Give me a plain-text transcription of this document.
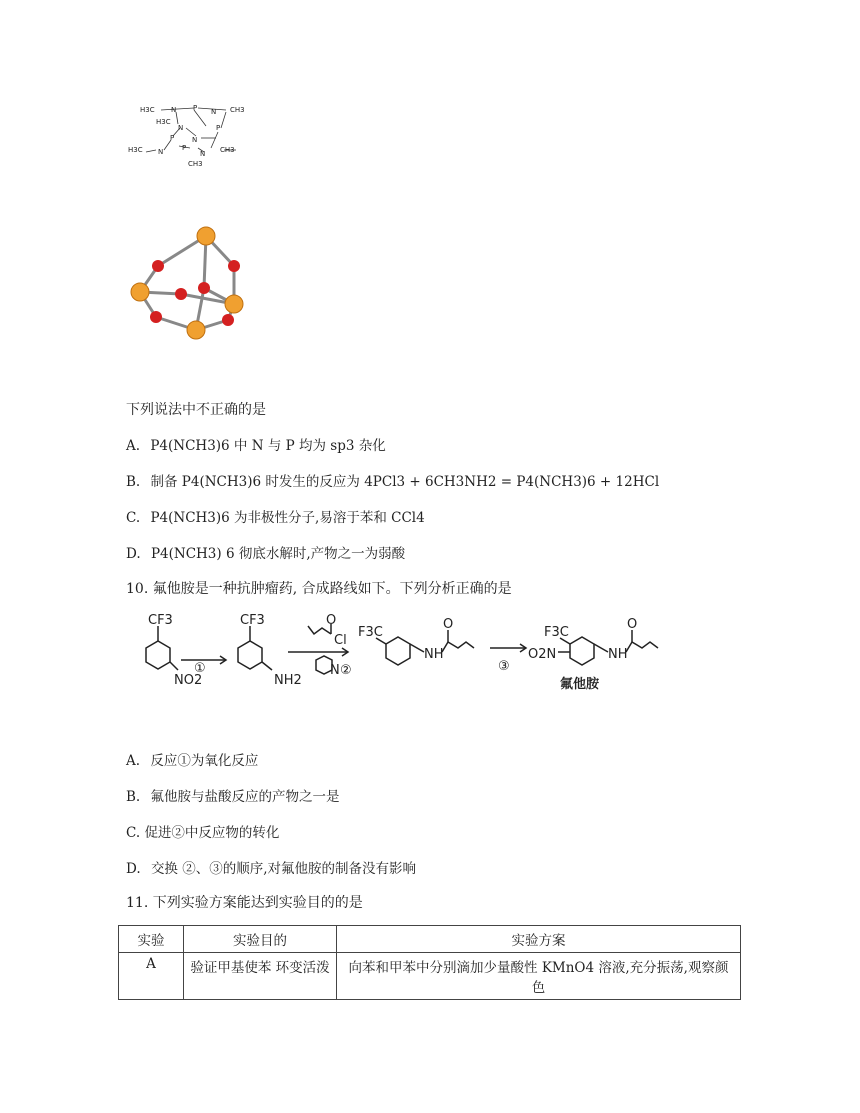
H3C N P N CH3
H3C
N	P
P	N
H3C N	P
N CH3
CH3
下列说法中不正确的是
A. P4(NCH3)6 中 N 与 P 均为 sp3 杂化
B. 制备 P4(NCH3)6 时发生的反应为 4PCl3 + 6CH3NH2 = P4(NCH3)6 + 12HCl
C. P4(NCH3)6 为非极性分子,易溶于苯和 CCl4
D. P4(NCH3) 6 彻底水解时,产物之一为弱酸
10. 氟他胺是一种抗肿瘤药, 合成路线如下。下列分析正确的是
CF3
NO2
①
CF3
NH2
Cl
O
②
N
F3C
O
NH
③
F3C
O2N
O
NH
氟他胺
A. 反应①为氧化反应
B. 氟他胺与盐酸反应的产物之一是
C. 促进②中反应物的转化
D. 交换 ②、③的顺序,对氟他胺的制备没有影响
11. 下列实验方案能达到实验目的的是
实验	实验目的	实验方案
A	验证甲基使苯 环变活泼	向苯和甲苯中分别滴加少量酸性 KMnO4 溶液,充分振荡,观察颜色
